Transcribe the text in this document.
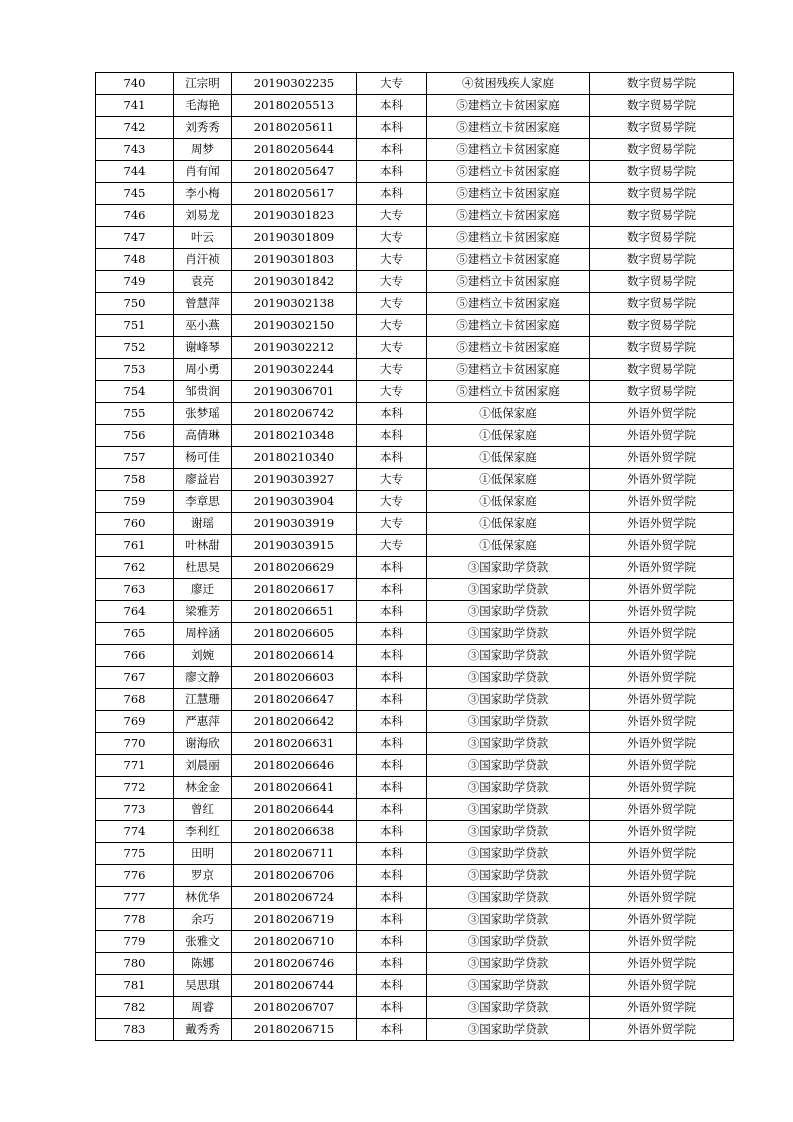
740	江宗明	20190302235	大专	④贫困残疾人家庭	数字贸易学院
741	毛海艳	20180205513	本科	⑤建档立卡贫困家庭	数字贸易学院
742	刘秀秀	20180205611	本科	⑤建档立卡贫困家庭	数字贸易学院
743	周梦	20180205644	本科	⑤建档立卡贫困家庭	数字贸易学院
744	肖有闻	20180205647	本科	⑤建档立卡贫困家庭	数字贸易学院
745	李小梅	20180205617	本科	⑤建档立卡贫困家庭	数字贸易学院
746	刘易龙	20190301823	大专	⑤建档立卡贫困家庭	数字贸易学院
747	叶云	20190301809	大专	⑤建档立卡贫困家庭	数字贸易学院
748	肖汗祯	20190301803	大专	⑤建档立卡贫困家庭	数字贸易学院
749	袁亮	20190301842	大专	⑤建档立卡贫困家庭	数字贸易学院
750	曾慧萍	20190302138	大专	⑤建档立卡贫困家庭	数字贸易学院
751	巫小燕	20190302150	大专	⑤建档立卡贫困家庭	数字贸易学院
752	谢峰琴	20190302212	大专	⑤建档立卡贫困家庭	数字贸易学院
753	周小勇	20190302244	大专	⑤建档立卡贫困家庭	数字贸易学院
754	邹贵润	20190306701	大专	⑤建档立卡贫困家庭	数字贸易学院
755	张梦瑶	20180206742	本科	①低保家庭	外语外贸学院
756	高倩琳	20180210348	本科	①低保家庭	外语外贸学院
757	杨可佳	20180210340	本科	①低保家庭	外语外贸学院
758	廖益岩	20190303927	大专	①低保家庭	外语外贸学院
759	李章思	20190303904	大专	①低保家庭	外语外贸学院
760	谢瑶	20190303919	大专	①低保家庭	外语外贸学院
761	叶林甜	20190303915	大专	①低保家庭	外语外贸学院
762	杜思昊	20180206629	本科	③国家助学贷款	外语外贸学院
763	廖迁	20180206617	本科	③国家助学贷款	外语外贸学院
764	梁雅芳	20180206651	本科	③国家助学贷款	外语外贸学院
765	周梓涵	20180206605	本科	③国家助学贷款	外语外贸学院
766	刘婉	20180206614	本科	③国家助学贷款	外语外贸学院
767	廖文静	20180206603	本科	③国家助学贷款	外语外贸学院
768	江慧珊	20180206647	本科	③国家助学贷款	外语外贸学院
769	严惠萍	20180206642	本科	③国家助学贷款	外语外贸学院
770	谢海欣	20180206631	本科	③国家助学贷款	外语外贸学院
771	刘晨丽	20180206646	本科	③国家助学贷款	外语外贸学院
772	林金金	20180206641	本科	③国家助学贷款	外语外贸学院
773	曾红	20180206644	本科	③国家助学贷款	外语外贸学院
774	李利红	20180206638	本科	③国家助学贷款	外语外贸学院
775	田明	20180206711	本科	③国家助学贷款	外语外贸学院
776	罗京	20180206706	本科	③国家助学贷款	外语外贸学院
777	林优华	20180206724	本科	③国家助学贷款	外语外贸学院
778	余巧	20180206719	本科	③国家助学贷款	外语外贸学院
779	张雅文	20180206710	本科	③国家助学贷款	外语外贸学院
780	陈娜	20180206746	本科	③国家助学贷款	外语外贸学院
781	吴思琪	20180206744	本科	③国家助学贷款	外语外贸学院
782	周睿	20180206707	本科	③国家助学贷款	外语外贸学院
783	戴秀秀	20180206715	本科	③国家助学贷款	外语外贸学院
